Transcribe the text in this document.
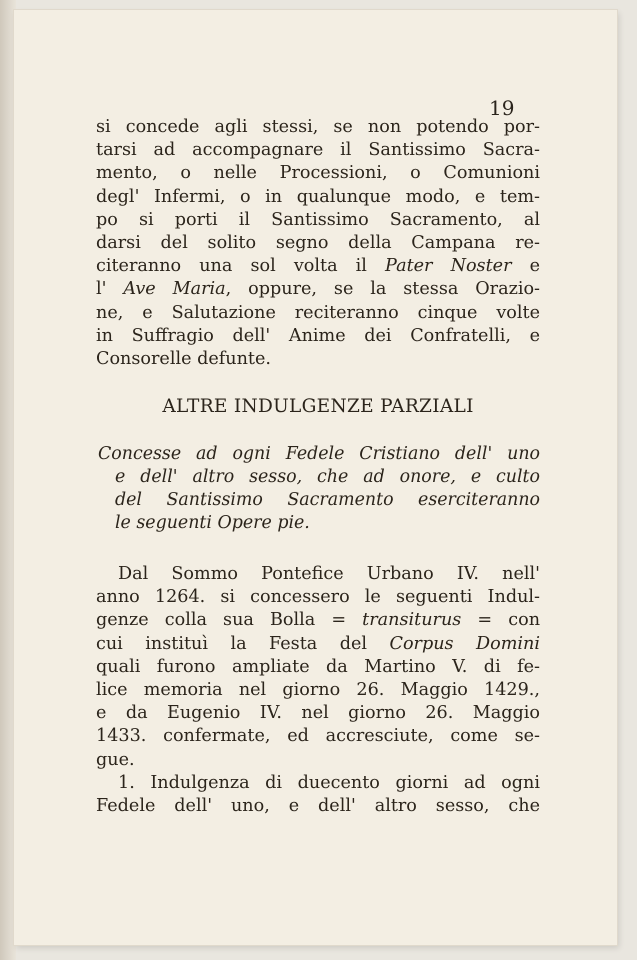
19
si concede agli stessi, se non potendo por-
tarsi ad accompagnare il Santissimo Sacra-
mento, o nelle Processioni, o Comunioni
degl' Infermi, o in qualunque modo, e tem-
po si porti il Santissimo Sacramento, al
darsi del solito segno della Campana re-
citeranno una sol volta il Pater Noster e
l' Ave Maria, oppure, se la stessa Orazio-
ne, e Salutazione reciteranno cinque volte
in Suffragio dell' Anime dei Confratelli, e
Consorelle defunte.
ALTRE INDULGENZE PARZIALI
Concesse ad ogni Fedele Cristiano dell' uno
e dell' altro sesso, che ad onore, e culto
del Santissimo Sacramento eserciteranno
le seguenti Opere pie.
Dal Sommo Pontefice Urbano IV. nell'
anno 1264. si concessero le seguenti Indul-
genze colla sua Bolla = transiturus = con
cui instituì la Festa del Corpus Domini
quali furono ampliate da Martino V. di fe-
lice memoria nel giorno 26. Maggio 1429.,
e da Eugenio IV. nel giorno 26. Maggio
1433. confermate, ed accresciute, come se-
gue.
1. Indulgenza di duecento giorni ad ogni
Fedele dell' uno, e dell' altro sesso, che
